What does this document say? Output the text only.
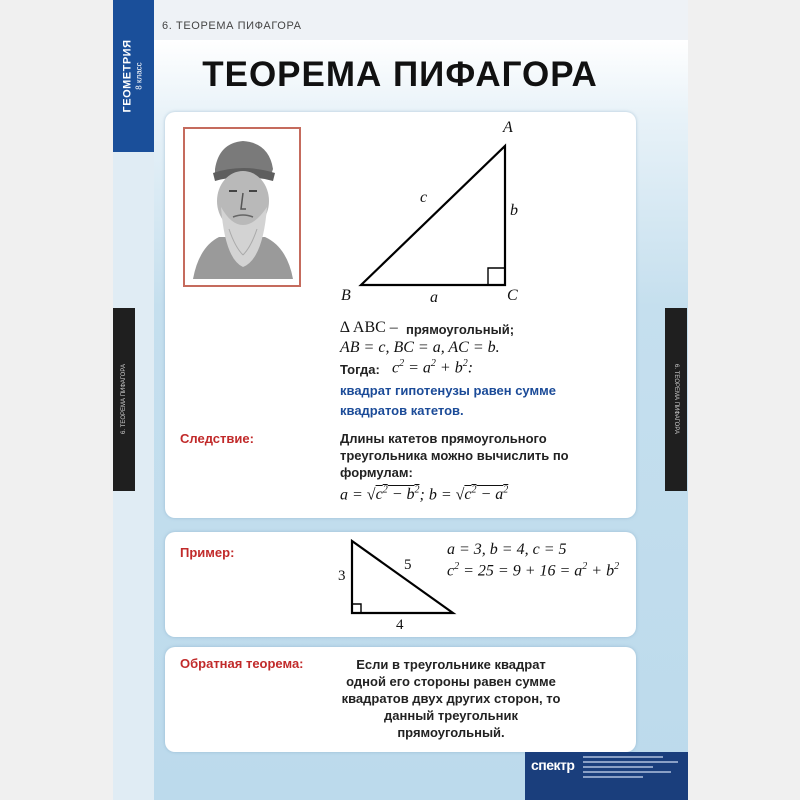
ГЕОМЕТРИЯ 8 класс
6. ТЕОРЕМА ПИФАГОРА	6. ТЕОРЕМА ПИФАГОРА
6. ТЕОРЕМА ПИФАГОРА
ТЕОРЕМА ПИФАГОРА
A
B	C
a
b
c
∆ ABC – прямоугольный;
AB = c, BC = a, AC = b.
Тогда: $c^2 = a^2 + b^2$:
квадрат гипотенузы равен сумме квадратов катетов.
Следствие:	Длины катетов прямоугольного треугольника можно вычислить по формулам:
$a = √c^2 - b^2$; $b = √c^2 - a^2$
Пример:
3
4
5
a = 3, b = 4, c = 5
$c^2 = 25 = 9 + 16 = a^2 + b^2$
Обратная теорема:	Если в треугольнике квадрат одной его стороны равен сумме квадратов двух других сторон, то данный треугольник прямоугольный.
спектр
